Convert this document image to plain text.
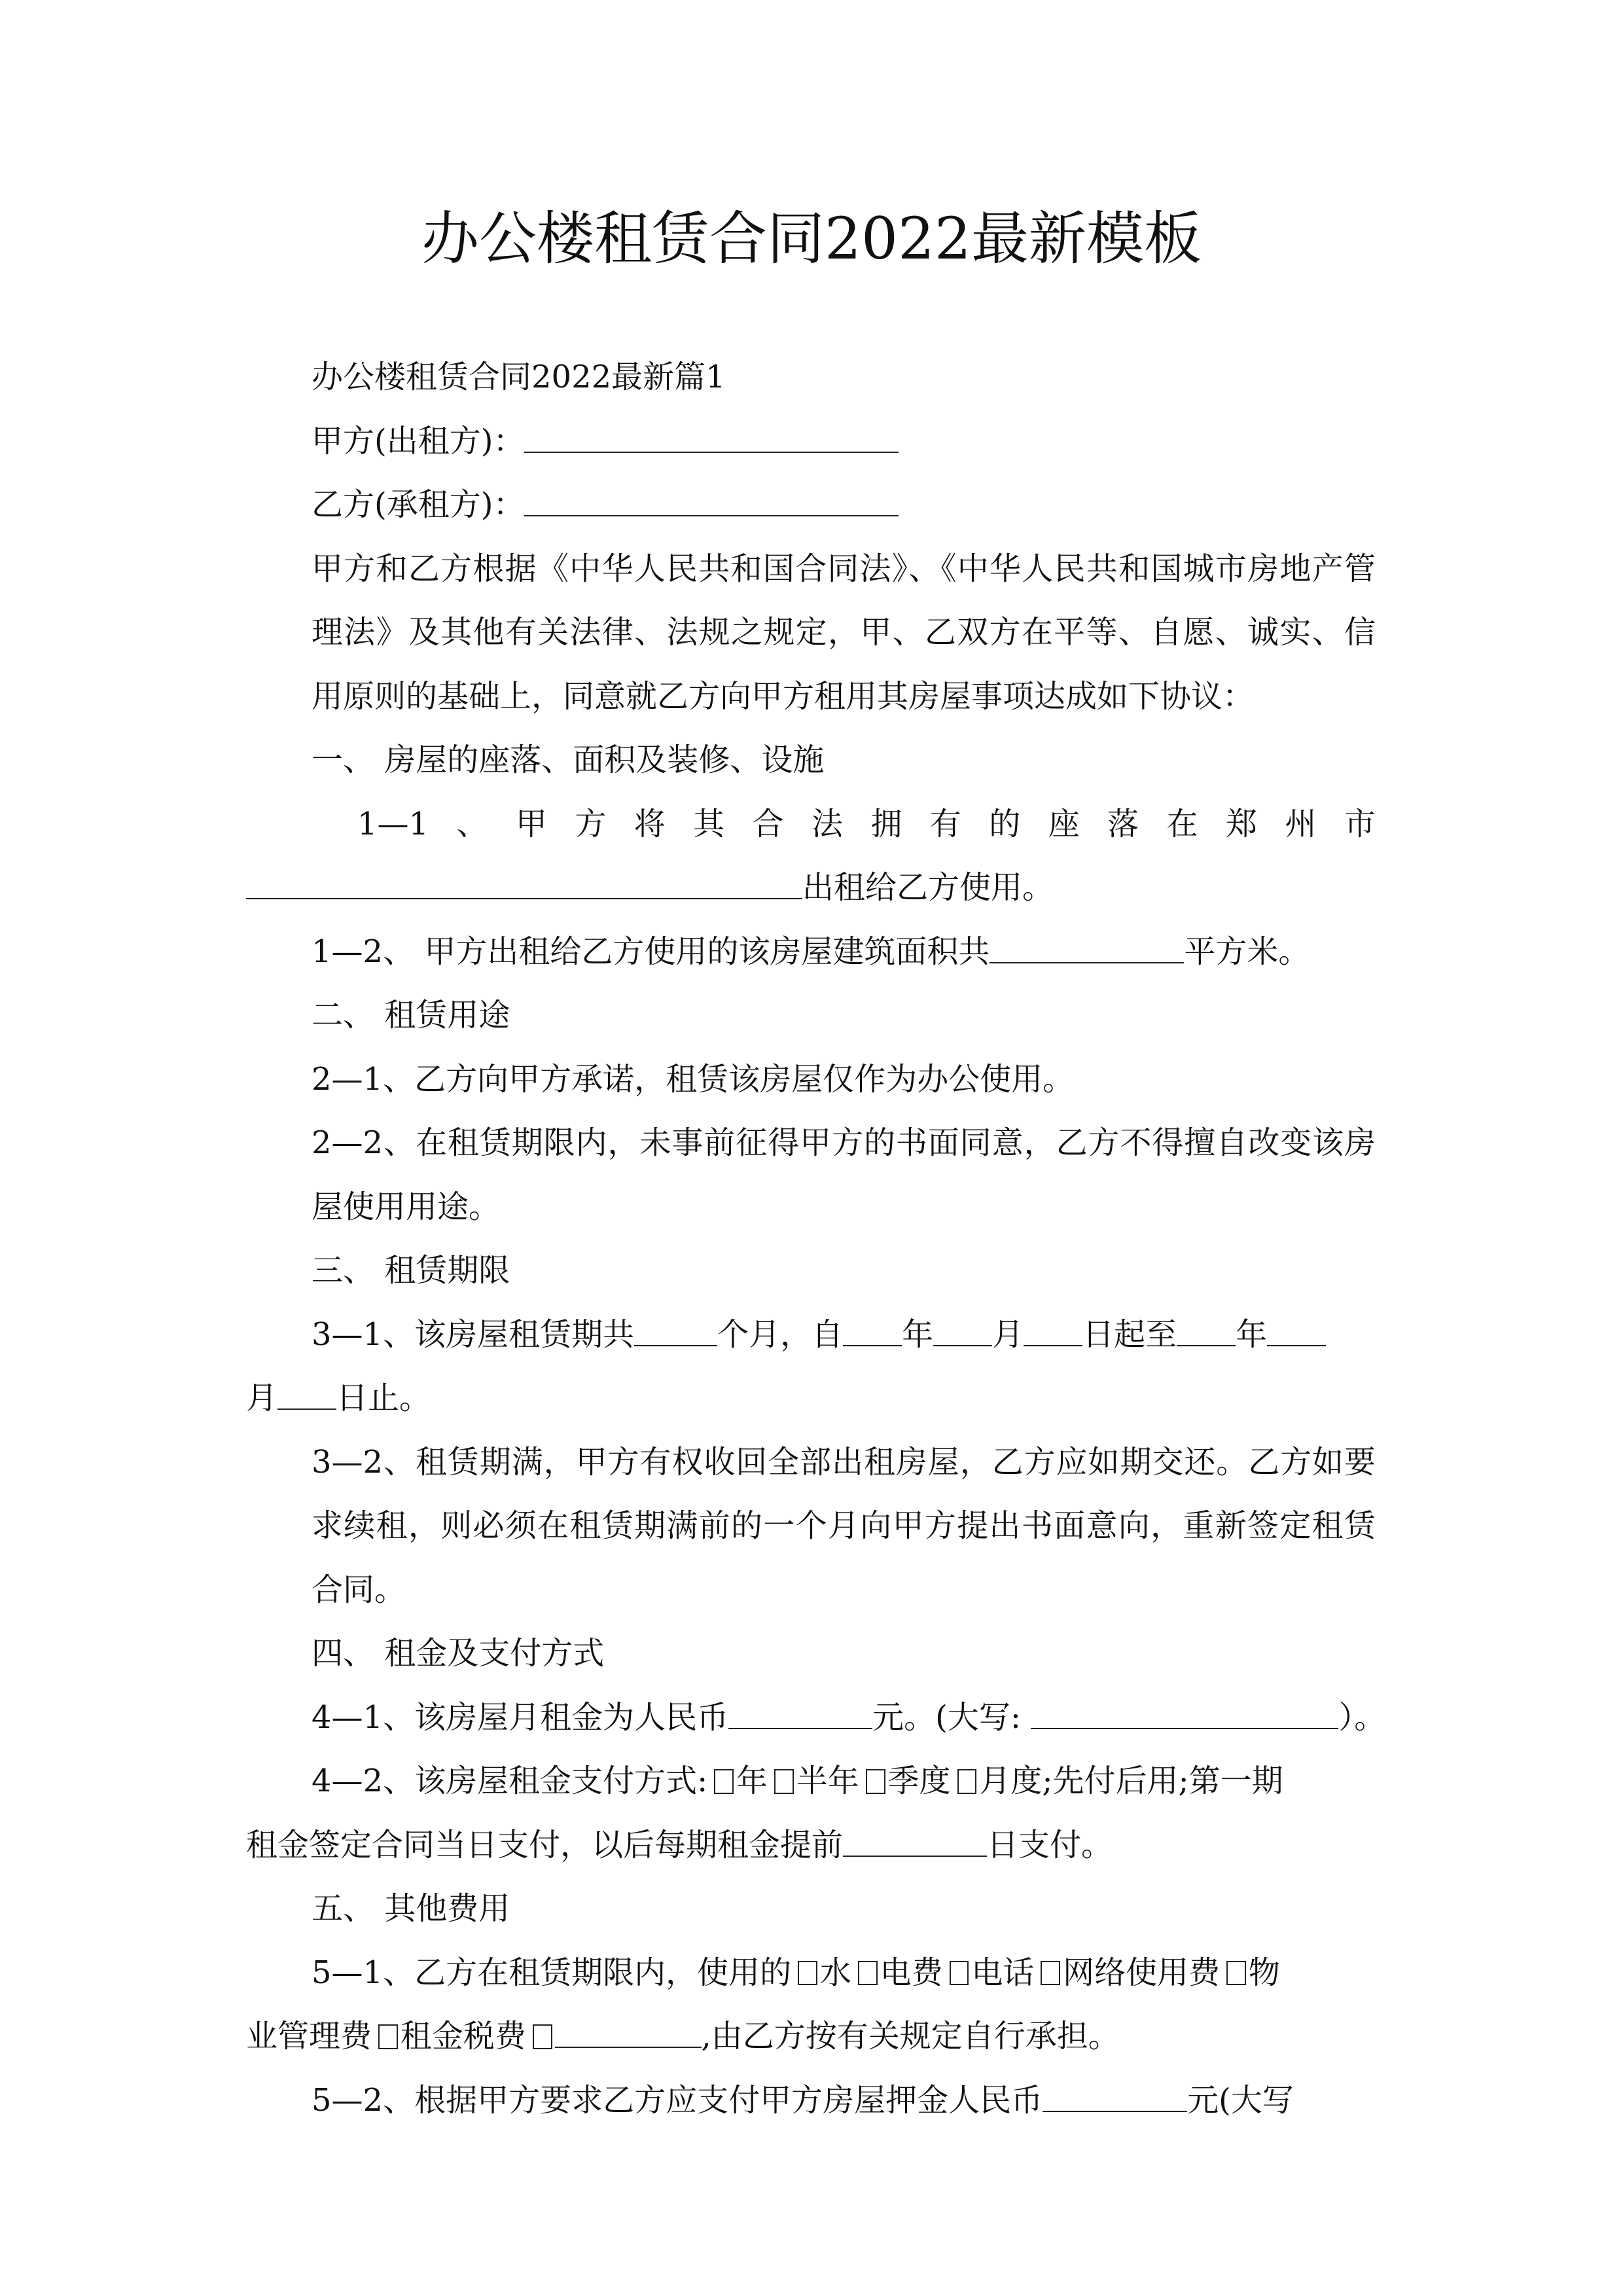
办公楼租赁合同2022最新模板

办公楼租赁合同2022最新篇1

甲方(出租方)：

乙方(承租方)：

甲方和乙方根据《中华人民共和国合同法》、《中华人民共和国城市房地产管理法》及其他有关法律、法规之规定，甲、乙双方在平等、自愿、诚实、信用原则的基础上，同意就乙方向甲方租用其房屋事项达成如下协议：

一、 房屋的座落、面积及装修、设施

1—1 、 甲 方 将 其 合 法 拥 有 的 座 落 在 郑 州 市

出租给乙方使用。

1—2、 甲方出租给乙方使用的该房屋建筑面积共	平方米。

二、 租赁用途

2—1、乙方向甲方承诺，租赁该房屋仅作为办公使用。

2—2、在租赁期限内，未事前征得甲方的书面同意，乙方不得擅自改变该房屋使用用途。

三、 租赁期限

3—1、该房屋租赁期共	个月，自 年 月 日起至 年

月 日止。

3—2、租赁期满，甲方有权收回全部出租房屋，乙方应如期交还。乙方如要求续租，则必须在租赁期满前的一个月向甲方提出书面意向，重新签定租赁合同。

四、 租金及支付方式

4—1、该房屋月租金为人民币	元。(大写:	）。

4—2、该房屋租金支付方式: 年 半年 季度 月度;先付后用;第一期

租金签定合同当日支付，以后每期租金提前	日支付。

五、 其他费用

5—1、乙方在租赁期限内，使用的 水 电费 电话 网络使用费 物

业管理费 租金税费	,由乙方按有关规定自行承担。

5—2、根据甲方要求乙方应支付甲方房屋押金人民币	元(大写
